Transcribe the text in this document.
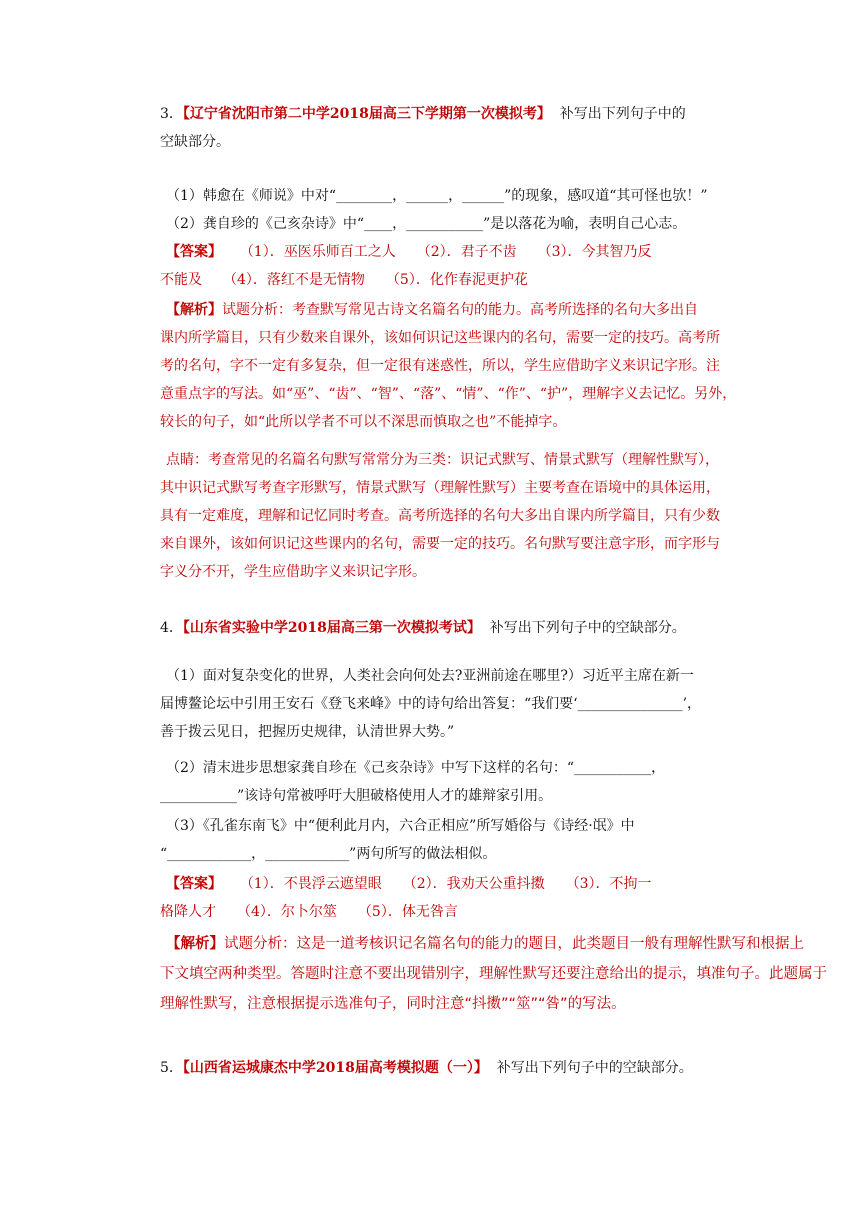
3．【辽宁省沈阳市第二中学2018届高三下学期第一次模拟考】 补写出下列句子中的
空缺部分。
（1）韩愈在《师说》中对“________，______，______”的现象，感叹道“其可怪也欤！”
（2）龚自珍的《己亥杂诗》中“____，___________”是以落花为喻，表明自己心志。
【答案】 （1）．巫医乐师百工之人　　（2）．君子不齿　　（3）．今其智乃反
不能及　　（4）．落红不是无情物　　（5）．化作春泥更护花
【解析】试题分析：考查默写常见古诗文名篇名句的能力。高考所选择的名句大多出自
课内所学篇目，只有少数来自课外，该如何识记这些课内的名句，需要一定的技巧。高考所
考的名句，字不一定有多复杂，但一定很有迷惑性，所以，学生应借助字义来识记字形。注
意重点字的写法。如“巫”、“齿”、“智”、“落”、“情”、“作”、“护”，理解字义去记忆。另外，
较长的句子，如“此所以学者不可以不深思而慎取之也”不能掉字。
点睛：考查常见的名篇名句默写常常分为三类：识记式默写、情景式默写（理解性默写），
其中识记式默写考查字形默写，情景式默写（理解性默写）主要考查在语境中的具体运用，
具有一定难度，理解和记忆同时考查。高考所选择的名句大多出自课内所学篇目，只有少数
来自课外，该如何识记这些课内的名句，需要一定的技巧。名句默写要注意字形，而字形与
字义分不开，学生应借助字义来识记字形。
4．【山东省实验中学2018届高三第一次模拟考试】 补写出下列句子中的空缺部分。
（1）面对复杂变化的世界，人类社会向何处去?亚洲前途在哪里?）习近平主席在新一
届博鳌论坛中引用王安石《登飞来峰》中的诗句给出答复：“我们要‘_______________’，
善于拨云见日，把握历史规律，认清世界大势。”
（2）清末进步思想家龚自珍在《己亥杂诗》中写下这样的名句：“___________，
___________”该诗句常被呼吁大胆破格使用人才的雄辩家引用。
（3）《孔雀东南飞》中“便利此月内，六合正相应”所写婚俗与《诗经·氓》中
“____________，____________”两句所写的做法相似。
【答案】 （1）．不畏浮云遮望眼　　（2）．我劝天公重抖擞　　（3）．不拘一
格降人才　　（4）．尔卜尔筮　　（5）．体无咎言
【解析】试题分析：这是一道考核识记名篇名句的能力的题目，此类题目一般有理解性默写和根据上
下文填空两种类型。答题时注意不要出现错别字，理解性默写还要注意给出的提示，填准句子。此题属于
理解性默写，注意根据提示选准句子，同时注意“抖擞”“筮”“咎”的写法。
5．【山西省运城康杰中学2018届高考模拟题（一）】 补写出下列句子中的空缺部分。
